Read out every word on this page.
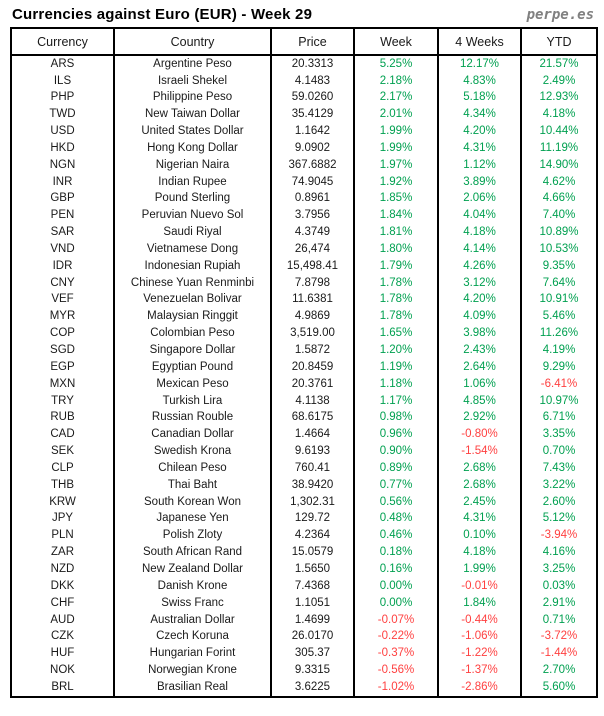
Currencies against Euro (EUR) - Week 29	perpe.es
Currency	Country	Price	Week	4 Weeks	YTD
ARS	Argentine Peso	20.3313	5.25%	12.17%	21.57%
ILS	Israeli Shekel	4.1483	2.18%	4.83%	2.49%
PHP	Philippine Peso	59.0260	2.17%	5.18%	12.93%
TWD	New Taiwan Dollar	35.4129	2.01%	4.34%	4.18%
USD	United States Dollar	1.1642	1.99%	4.20%	10.44%
HKD	Hong Kong Dollar	9.0902	1.99%	4.31%	11.19%
NGN	Nigerian Naira	367.6882	1.97%	1.12%	14.90%
INR	Indian Rupee	74.9045	1.92%	3.89%	4.62%
GBP	Pound Sterling	0.8961	1.85%	2.06%	4.66%
PEN	Peruvian Nuevo Sol	3.7956	1.84%	4.04%	7.40%
SAR	Saudi Riyal	4.3749	1.81%	4.18%	10.89%
VND	Vietnamese Dong	26,474	1.80%	4.14%	10.53%
IDR	Indonesian Rupiah	15,498.41	1.79%	4.26%	9.35%
CNY	Chinese Yuan Renminbi	7.8798	1.78%	3.12%	7.64%
VEF	Venezuelan Bolivar	11.6381	1.78%	4.20%	10.91%
MYR	Malaysian Ringgit	4.9869	1.78%	4.09%	5.46%
COP	Colombian Peso	3,519.00	1.65%	3.98%	11.26%
SGD	Singapore Dollar	1.5872	1.20%	2.43%	4.19%
EGP	Egyptian Pound	20.8459	1.19%	2.64%	9.29%
MXN	Mexican Peso	20.3761	1.18%	1.06%	-6.41%
TRY	Turkish Lira	4.1138	1.17%	4.85%	10.97%
RUB	Russian Rouble	68.6175	0.98%	2.92%	6.71%
CAD	Canadian Dollar	1.4664	0.96%	-0.80%	3.35%
SEK	Swedish Krona	9.6193	0.90%	-1.54%	0.70%
CLP	Chilean Peso	760.41	0.89%	2.68%	7.43%
THB	Thai Baht	38.9420	0.77%	2.68%	3.22%
KRW	South Korean Won	1,302.31	0.56%	2.45%	2.60%
JPY	Japanese Yen	129.72	0.48%	4.31%	5.12%
PLN	Polish Zloty	4.2364	0.46%	0.10%	-3.94%
ZAR	South African Rand	15.0579	0.18%	4.18%	4.16%
NZD	New Zealand Dollar	1.5650	0.16%	1.99%	3.25%
DKK	Danish Krone	7.4368	0.00%	-0.01%	0.03%
CHF	Swiss Franc	1.1051	0.00%	1.84%	2.91%
AUD	Australian Dollar	1.4699	-0.07%	-0.44%	0.71%
CZK	Czech Koruna	26.0170	-0.22%	-1.06%	-3.72%
HUF	Hungarian Forint	305.37	-0.37%	-1.22%	-1.44%
NOK	Norwegian Krone	9.3315	-0.56%	-1.37%	2.70%
BRL	Brasilian Real	3.6225	-1.02%	-2.86%	5.60%
